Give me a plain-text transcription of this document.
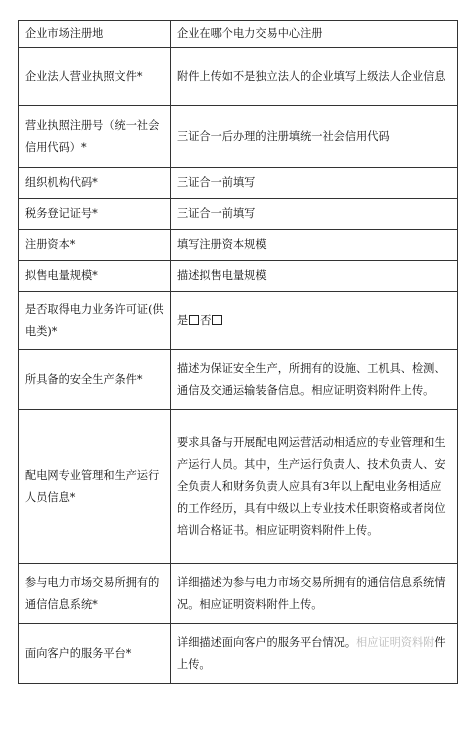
企业市场注册地	企业在哪个电力交易中心注册
企业法人营业执照文件*	附件上传如不是独立法人的企业填写上级法人企业信息
营业执照注册号（统一社会信用代码）*	三证合一后办理的注册填统一社会信用代码
组织机构代码*	三证合一前填写
税务登记证号*	三证合一前填写
注册资本*	填写注册资本规模
拟售电量规模*	描述拟售电量规模
是否取得电力业务许可证(供电类)*	是 否
所具备的安全生产条件*	描述为保证安全生产，所拥有的设施、工机具、检测、通信及交通运输装备信息。相应证明资料附件上传。
配电网专业管理和生产运行人员信息*	要求具备与开展配电网运营活动相适应的专业管理和生产运行人员。其中，生产运行负责人、技术负责人、安全负责人和财务负责人应具有3年以上配电业务相适应的工作经历，具有中级以上专业技术任职资格或者岗位培训合格证书。相应证明资料附件上传。
参与电力市场交易所拥有的通信信息系统*	详细描述为参与电力市场交易所拥有的通信信息系统情况。相应证明资料附件上传。
面向客户的服务平台*	详细描述面向客户的服务平台情况。相应证明资料附件上传。
